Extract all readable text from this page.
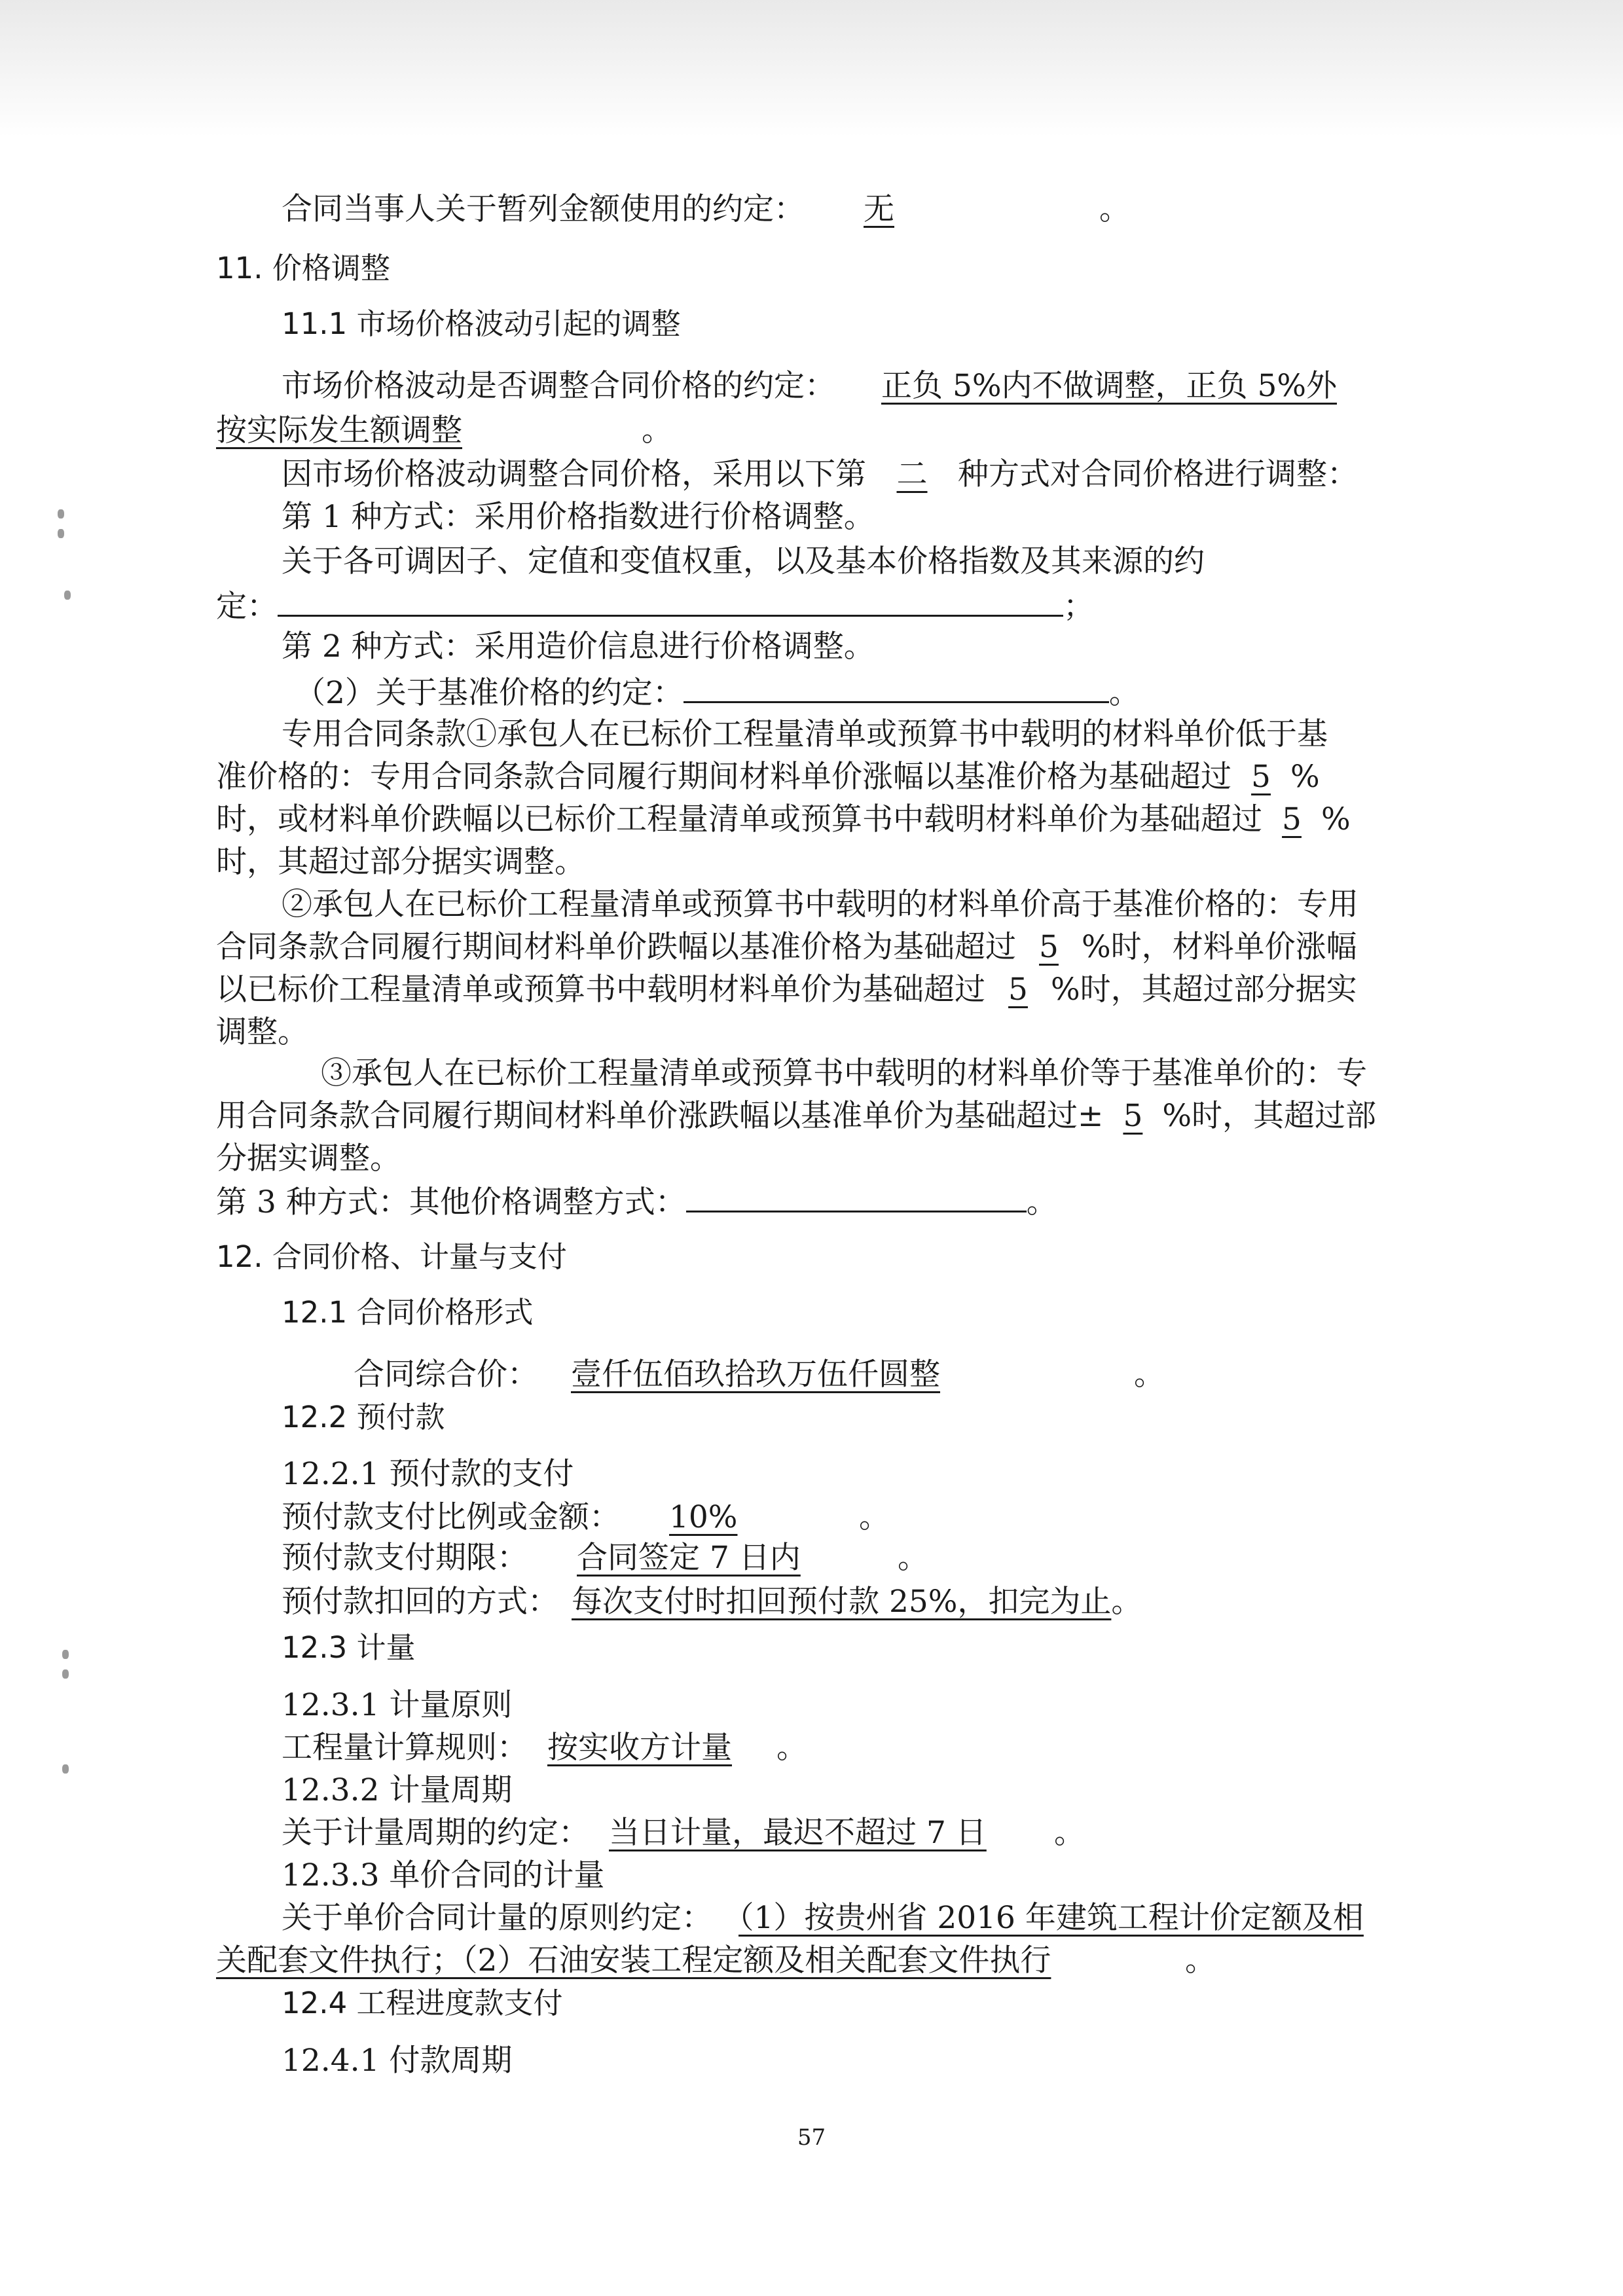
合同当事人关于暂列金额使用的约定： 无	。
11. 价格调整
11.1 市场价格波动引起的调整
市场价格波动是否调整合同价格的约定： 正负 5%内不做调整，正负 5%外
按实际发生额调整	。
因市场价格波动调整合同价格，采用以下第 二 种方式对合同价格进行调整：
第 1 种方式：采用价格指数进行价格调整。
关于各可调因子、定值和变值权重，以及基本价格指数及其来源的约
定：	；
第 2 种方式：采用造价信息进行价格调整。
（2）关于基准价格的约定：	。
专用合同条款①承包人在已标价工程量清单或预算书中载明的材料单价低于基
准价格的：专用合同条款合同履行期间材料单价涨幅以基准价格为基础超过 5 %
时，或材料单价跌幅以已标价工程量清单或预算书中载明材料单价为基础超过 5 %
时，其超过部分据实调整。
②承包人在已标价工程量清单或预算书中载明的材料单价高于基准价格的：专用
合同条款合同履行期间材料单价跌幅以基准价格为基础超过 5 %时，材料单价涨幅
以已标价工程量清单或预算书中载明材料单价为基础超过 5 %时，其超过部分据实
调整。
③承包人在已标价工程量清单或预算书中载明的材料单价等于基准单价的：专
用合同条款合同履行期间材料单价涨跌幅以基准单价为基础超过± 5 %时，其超过部
分据实调整。
第 3 种方式：其他价格调整方式：	。
12. 合同价格、计量与支付
12.1 合同价格形式
合同综合价： 壹仟伍佰玖拾玖万伍仟圆整	。
12.2 预付款
12.2.1 预付款的支付
预付款支付比例或金额： 10%	。
预付款支付期限： 合同签定 7 日内	。
预付款扣回的方式： 每次支付时扣回预付款 25%，扣完为止。
12.3 计量
12.3.1 计量原则
工程量计算规则： 按实收方计量 。
12.3.2 计量周期
关于计量周期的约定： 当日计量，最迟不超过 7 日 。
12.3.3 单价合同的计量
关于单价合同计量的原则约定： （1）按贵州省 2016 年建筑工程计价定额及相
关配套文件执行；（2）石油安装工程定额及相关配套文件执行	。
12.4 工程进度款支付
12.4.1 付款周期
57
